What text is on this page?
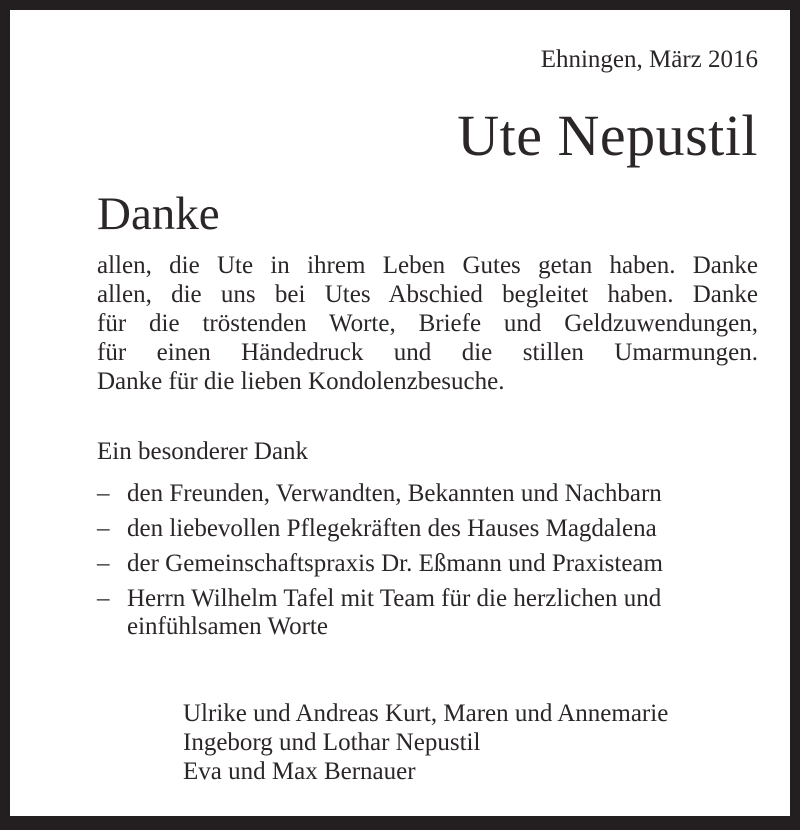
Ehningen, März 2016
Ute Nepustil
Danke
allen, die Ute in ihrem Leben Gutes getan haben. Danke
allen, die uns bei Utes Abschied begleitet haben. Danke
für die tröstenden Worte, Briefe und Geldzuwendungen,
für einen Händedruck und die stillen Umarmungen.
Danke für die lieben Kondolenzbesuche.
Ein besonderer Dank
– den Freunden, Verwandten, Bekannten und Nachbarn
– den liebevollen Pflegekräften des Hauses Magdalena
– der Gemeinschaftspraxis Dr. Eßmann und Praxisteam
– Herrn Wilhelm Tafel mit Team für die herzlichen und einfühlsamen Worte
Ulrike und Andreas Kurt, Maren und Annemarie
Ingeborg und Lothar Nepustil
Eva und Max Bernauer
